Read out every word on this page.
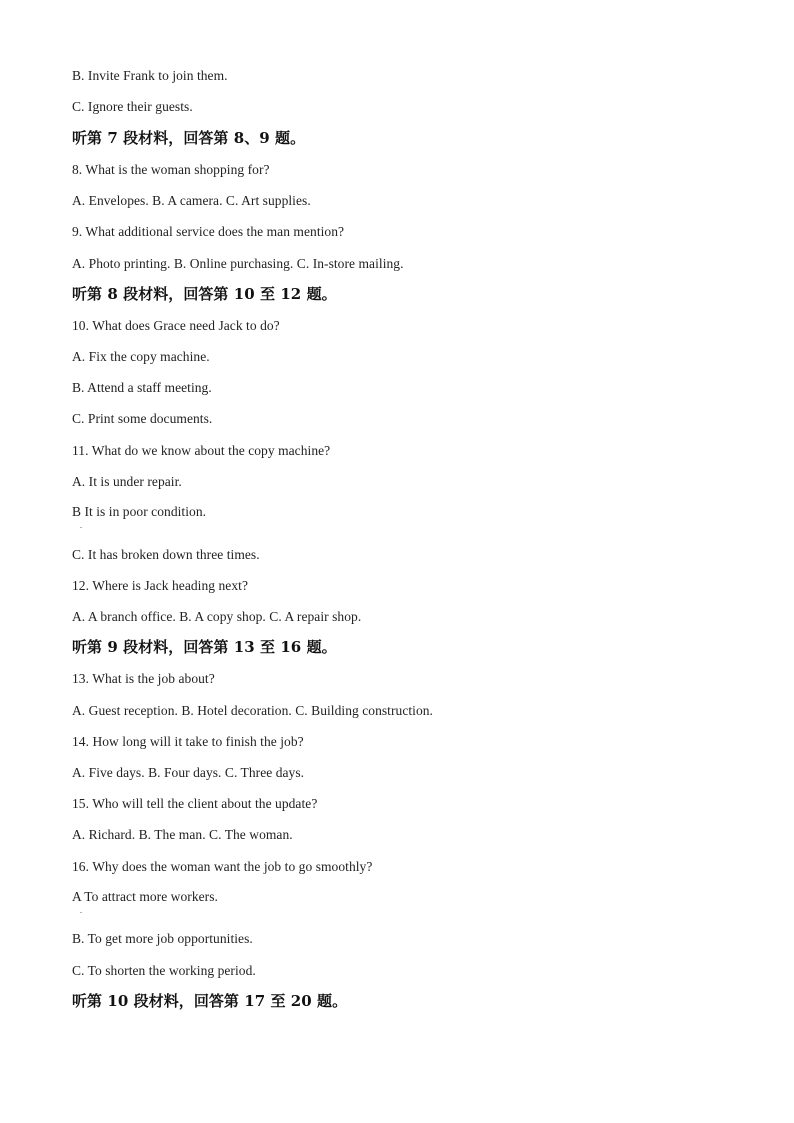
B. Invite Frank to join them.
C. Ignore their guests.
听第 7 段材料，回答第 8、9 题。
8. What is the woman shopping for?
A. Envelopes. B. A camera. C. Art supplies.
9. What additional service does the man mention?
A. Photo printing. B. Online purchasing. C. In-store mailing.
听第 8 段材料，回答第 10 至 12 题。
10. What does Grace need Jack to do?
A. Fix the copy machine.
B. Attend a staff meeting.
C. Print some documents.
11. What do we know about the copy machine?
A. It is under repair.
B It is in poor condition.
.
C. It has broken down three times.
12. Where is Jack heading next?
A. A branch office. B. A copy shop. C. A repair shop.
听第 9 段材料，回答第 13 至 16 题。
13. What is the job about?
A. Guest reception. B. Hotel decoration. C. Building construction.
14. How long will it take to finish the job?
A. Five days. B. Four days. C. Three days.
15. Who will tell the client about the update?
A. Richard. B. The man. C. The woman.
16. Why does the woman want the job to go smoothly?
A To attract more workers.
.
B. To get more job opportunities.
C. To shorten the working period.
听第 10 段材料，回答第 17 至 20 题。
